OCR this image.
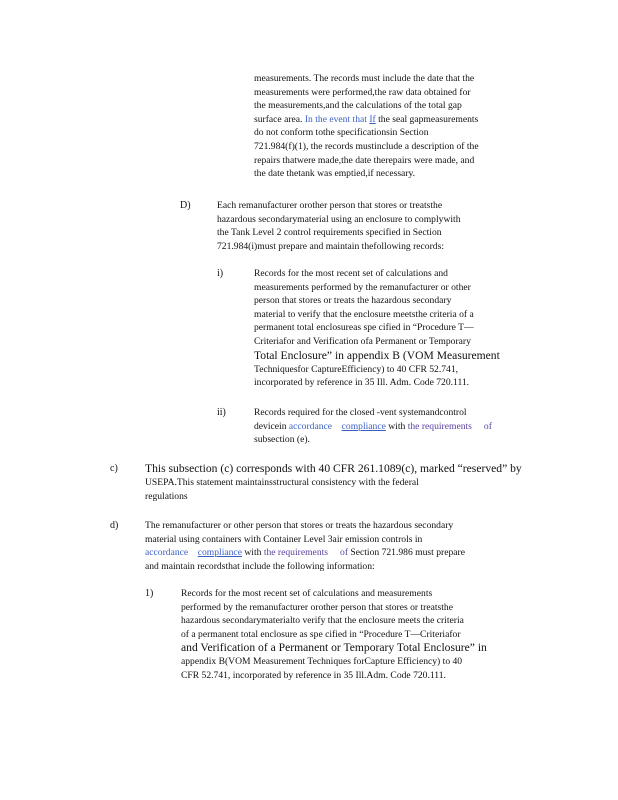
measurements. The records must include the date that the
measurements were performed,the raw data obtained for
the measurements,and the calculations of the total gap
surface area. In the event that If the seal gapmeasurements
do not conform tothe specificationsin Section
721.984(f)(1), the records mustinclude a description of the
repairs thatwere made,the date therepairs were made, and
the date thetank was emptied,if necessary.
D)	Each remanufacturer orother person that stores or treatsthe
hazardous secondarymaterial using an enclosure to complywith
the Tank Level 2 control requirements specified in Section
721.984(i)must prepare and maintain thefollowing records:
i)	Records for the most recent set of calculations and
measurements performed by the remanufacturer or other
person that stores or treats the hazardous secondary
material to verify that the enclosure meetsthe criteria of a
permanent total enclosureas spe cified in “Procedure T—
Criteriafor and Verification ofa Permanent or Temporary
Total Enclosure” in appendix B (VOM Measurement
Techniquesfor CaptureEfficiency) to 40 CFR 52.741,
incorporated by reference in 35 Ill. Adm. Code 720.111.
ii)	Records required for the closed -vent systemandcontrol
devicein accordance compliance with the requirements of
subsection (e).
c) This subsection (c) corresponds with 40 CFR 261.1089(c), marked “reserved” by
USEPA.This statement maintainsstructural consistency with the federal
regulations
d)	The remanufacturer or other person that stores or treats the hazardous secondary
material using containers with Container Level 3air emission controls in
accordance compliance with the requirements of Section 721.986 must prepare
and maintain recordsthat include the following information:
1)	Records for the most recent set of calculations and measurements
performed by the remanufacturer orother person that stores or treatsthe
hazardous secondarymaterialto verify that the enclosure meets the criteria
of a permanent total enclosure as spe cified in “Procedure T—Criteriafor
and Verification of a Permanent or Temporary Total Enclosure” in
appendix B(VOM Measurement Techniques forCapture Efficiency) to 40
CFR 52.741, incorporated by reference in 35 Ill.Adm. Code 720.111.
